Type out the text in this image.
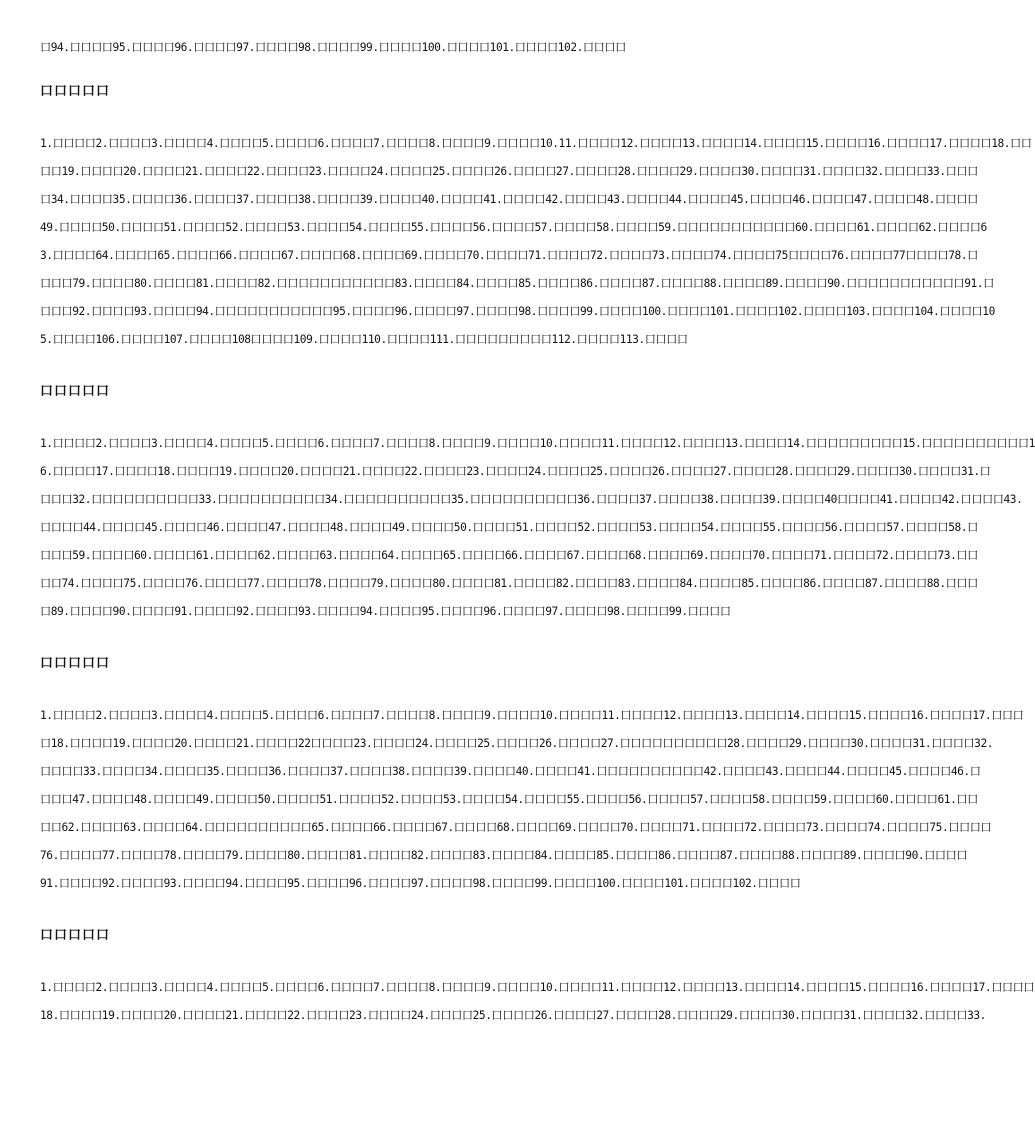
口94.口口口口95.口口口口96.口口口口97.口口口口98.口口口口99.口口口口100.口口口口101.口口口口102.口口口口
口口口口口
1.口口口口2.口口口口3.口口口口4.口口口口5.口口口口6.口口口口7.口口口口8.口口口口9.口口口口10.11.口口口口12.口口口口13.口口口口14.口口口口15.口口口口16.口口口口17.口口口口18.口口
口口19.口口口口20.口口口口21.口口口口22.口口口口23.口口口口24.口口口口25.口口口口26.口口口口27.口口口口28.口口口口29.口口口口30.口口口口31.口口口口32.口口口口33.口口口
口34.口口口口35.口口口口36.口口口口37.口口口口38.口口口口39.口口口口40.口口口口41.口口口口42.口口口口43.口口口口44.口口口口45.口口口口46.口口口口47.口口口口48.口口口口
49.口口口口50.口口口口51.口口口口52.口口口口53.口口口口54.口口口口55.口口口口56.口口口口57.口口口口58.口口口口59.口口口口口口口口口口口60.口口口口61.口口口口62.口口口口6
3.口口口口64.口口口口65.口口口口66.口口口口67.口口口口68.口口口口69.口口口口70.口口口口71.口口口口72.口口口口73.口口口口74.口口口口75口口口口76.口口口口77口口口口78.口
口口口79.口口口口80.口口口口81.口口口口82.口口口口口口口口口口口83.口口口口84.口口口口85.口口口口86.口口口口87.口口口口88.口口口口89.口口口口90.口口口口口口口口口口口91.口
口口口92.口口口口93.口口口口94.口口口口口口口口口口口95.口口口口96.口口口口97.口口口口98.口口口口99.口口口口100.口口口口101.口口口口102.口口口口103.口口口口104.口口口口10
5.口口口口106.口口口口107.口口口口108口口口口109.口口口口110.口口口口111.口口口口口口口口口112.口口口口113.口口口口
口口口口口
1.口口口口2.口口口口3.口口口口4.口口口口5.口口口口6.口口口口7.口口口口8.口口口口9.口口口口10.口口口口11.口口口口12.口口口口13.口口口口14.口口口口口口口口口15.口口口口口口口口口口1
6.口口口口17.口口口口18.口口口口19.口口口口20.口口口口21.口口口口22.口口口口23.口口口口24.口口口口25.口口口口26.口口口口27.口口口口28.口口口口29.口口口口30.口口口口31.口
口口口32.口口口口口口口口口口33.口口口口口口口口口口34.口口口口口口口口口口35.口口口口口口口口口口36.口口口口37.口口口口38.口口口口39.口口口口40口口口口41.口口口口42.口口口口43.
口口口口44.口口口口45.口口口口46.口口口口47.口口口口48.口口口口49.口口口口50.口口口口51.口口口口52.口口口口53.口口口口54.口口口口55.口口口口56.口口口口57.口口口口58.口
口口口59.口口口口60.口口口口61.口口口口62.口口口口63.口口口口64.口口口口65.口口口口66.口口口口67.口口口口68.口口口口69.口口口口70.口口口口71.口口口口72.口口口口73.口口
口口74.口口口口75.口口口口76.口口口口77.口口口口78.口口口口79.口口口口80.口口口口81.口口口口82.口口口口83.口口口口84.口口口口85.口口口口86.口口口口87.口口口口88.口口口
口89.口口口口90.口口口口91.口口口口92.口口口口93.口口口口94.口口口口95.口口口口96.口口口口97.口口口口98.口口口口99.口口口口
口口口口口
1.口口口口2.口口口口3.口口口口4.口口口口5.口口口口6.口口口口7.口口口口8.口口口口9.口口口口10.口口口口11.口口口口12.口口口口13.口口口口14.口口口口15.口口口口16.口口口口17.口口口
口18.口口口口19.口口口口20.口口口口21.口口口口22口口口口23.口口口口24.口口口口25.口口口口26.口口口口27.口口口口口口口口口口28.口口口口29.口口口口30.口口口口31.口口口口32.
口口口口33.口口口口34.口口口口35.口口口口36.口口口口37.口口口口38.口口口口39.口口口口40.口口口口41.口口口口口口口口口口42.口口口口43.口口口口44.口口口口45.口口口口46.口
口口口47.口口口口48.口口口口49.口口口口50.口口口口51.口口口口52.口口口口53.口口口口54.口口口口55.口口口口56.口口口口57.口口口口58.口口口口59.口口口口60.口口口口61.口口
口口62.口口口口63.口口口口64.口口口口口口口口口口65.口口口口66.口口口口67.口口口口68.口口口口69.口口口口70.口口口口71.口口口口72.口口口口73.口口口口74.口口口口75.口口口口
76.口口口口77.口口口口78.口口口口79.口口口口80.口口口口81.口口口口82.口口口口83.口口口口84.口口口口85.口口口口86.口口口口87.口口口口88.口口口口89.口口口口90.口口口口
91.口口口口92.口口口口93.口口口口94.口口口口95.口口口口96.口口口口97.口口口口98.口口口口99.口口口口100.口口口口101.口口口口102.口口口口
口口口口口
1.口口口口2.口口口口3.口口口口4.口口口口5.口口口口6.口口口口7.口口口口8.口口口口9.口口口口10.口口口口11.口口口口12.口口口口13.口口口口14.口口口口15.口口口口16.口口口口17.口口口口
18.口口口口19.口口口口20.口口口口21.口口口口22.口口口口23.口口口口24.口口口口25.口口口口26.口口口口27.口口口口28.口口口口29.口口口口30.口口口口31.口口口口32.口口口口33.
